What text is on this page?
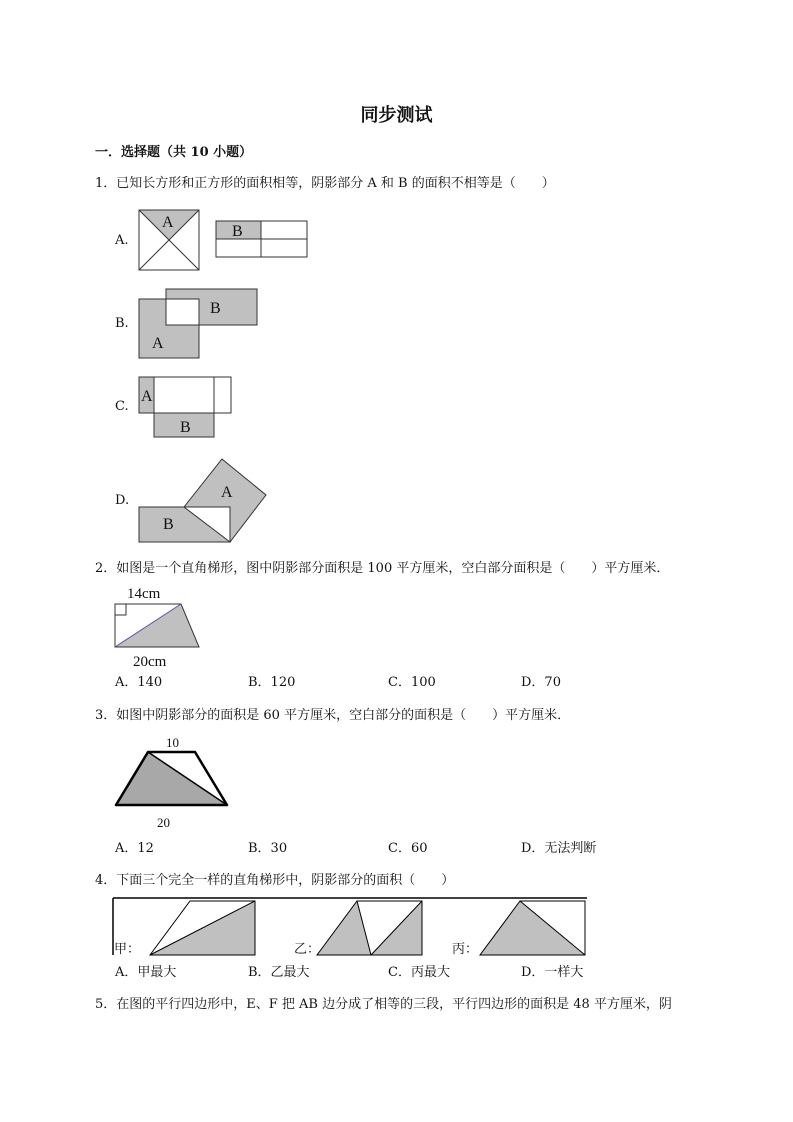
同步测试
一．选择题（共 10 小题）
1．已知长方形和正方形的面积相等，阴影部分 A 和 B 的面积不相等是（　　）
A.
B.
C.
D.
2．如图是一个直角梯形，图中阴影部分面积是 100 平方厘米，空白部分面积是（　　）平方厘米．
A．140	B．120	C．100	D．70
3．如图中阴影部分的面积是 60 平方厘米，空白部分的面积是（　　）平方厘米．
A．12	B．30	C．60	D．无法判断
4．下面三个完全一样的直角梯形中，阴影部分的面积（　　）
A．甲最大	B．乙最大	C．丙最大	D．一样大
5．在图的平行四边形中，E、F 把 AB 边分成了相等的三段，平行四边形的面积是 48 平方厘米，阴
A
B
B
A
A
B
A
B
14cm
20cm
10
20
甲：	乙：	丙：
